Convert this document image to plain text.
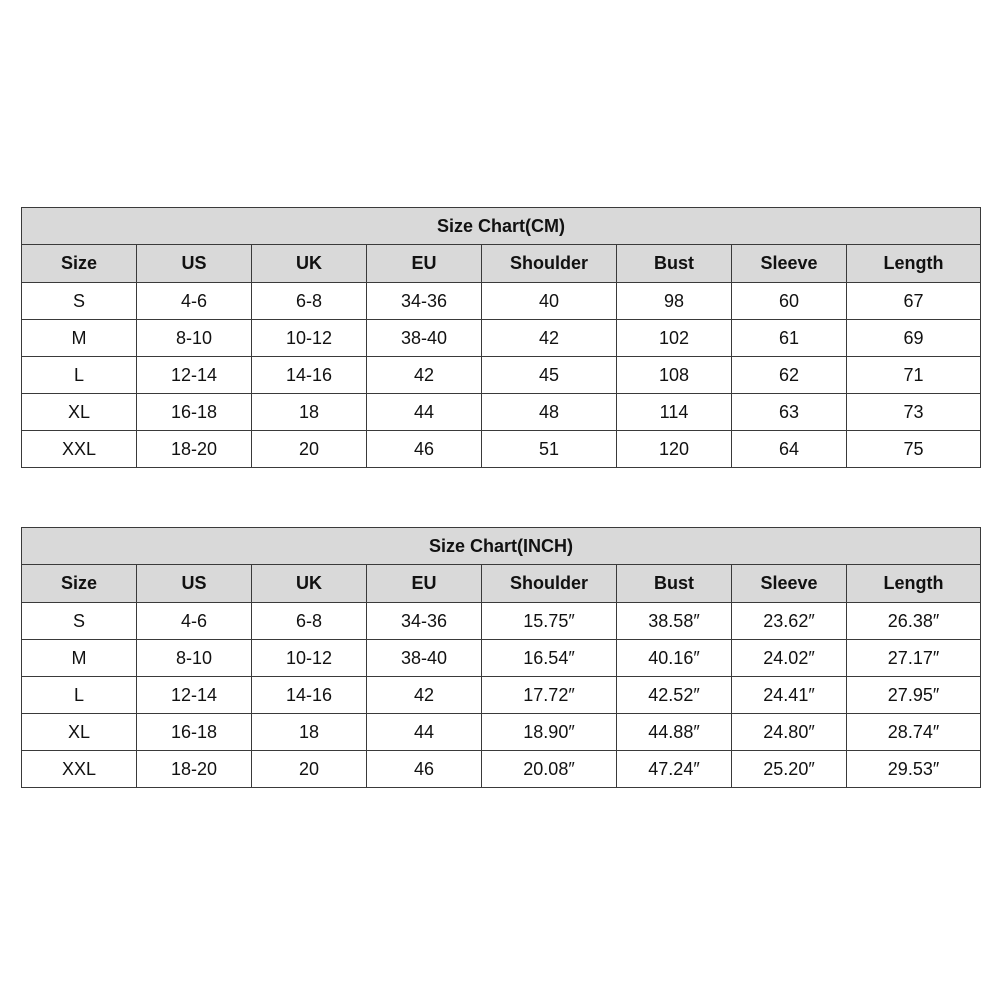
Size Chart(CM)							
Size	US	UK	EU	Shoulder	Bust	Sleeve	Length
S	4-6	6-8	34-36	40	98	60	67
M	8-10	10-12	38-40	42	102	61	69
L	12-14	14-16	42	45	108	62	71
XL	16-18	18	44	48	114	63	73
XXL	18-20	20	46	51	120	64	75
Size Chart(INCH)							
Size	US	UK	EU	Shoulder	Bust	Sleeve	Length
S	4-6	6-8	34-36	15.75″	38.58″	23.62″	26.38″
M	8-10	10-12	38-40	16.54″	40.16″	24.02″	27.17″
L	12-14	14-16	42	17.72″	42.52″	24.41″	27.95″
XL	16-18	18	44	18.90″	44.88″	24.80″	28.74″
XXL	18-20	20	46	20.08″	47.24″	25.20″	29.53″
